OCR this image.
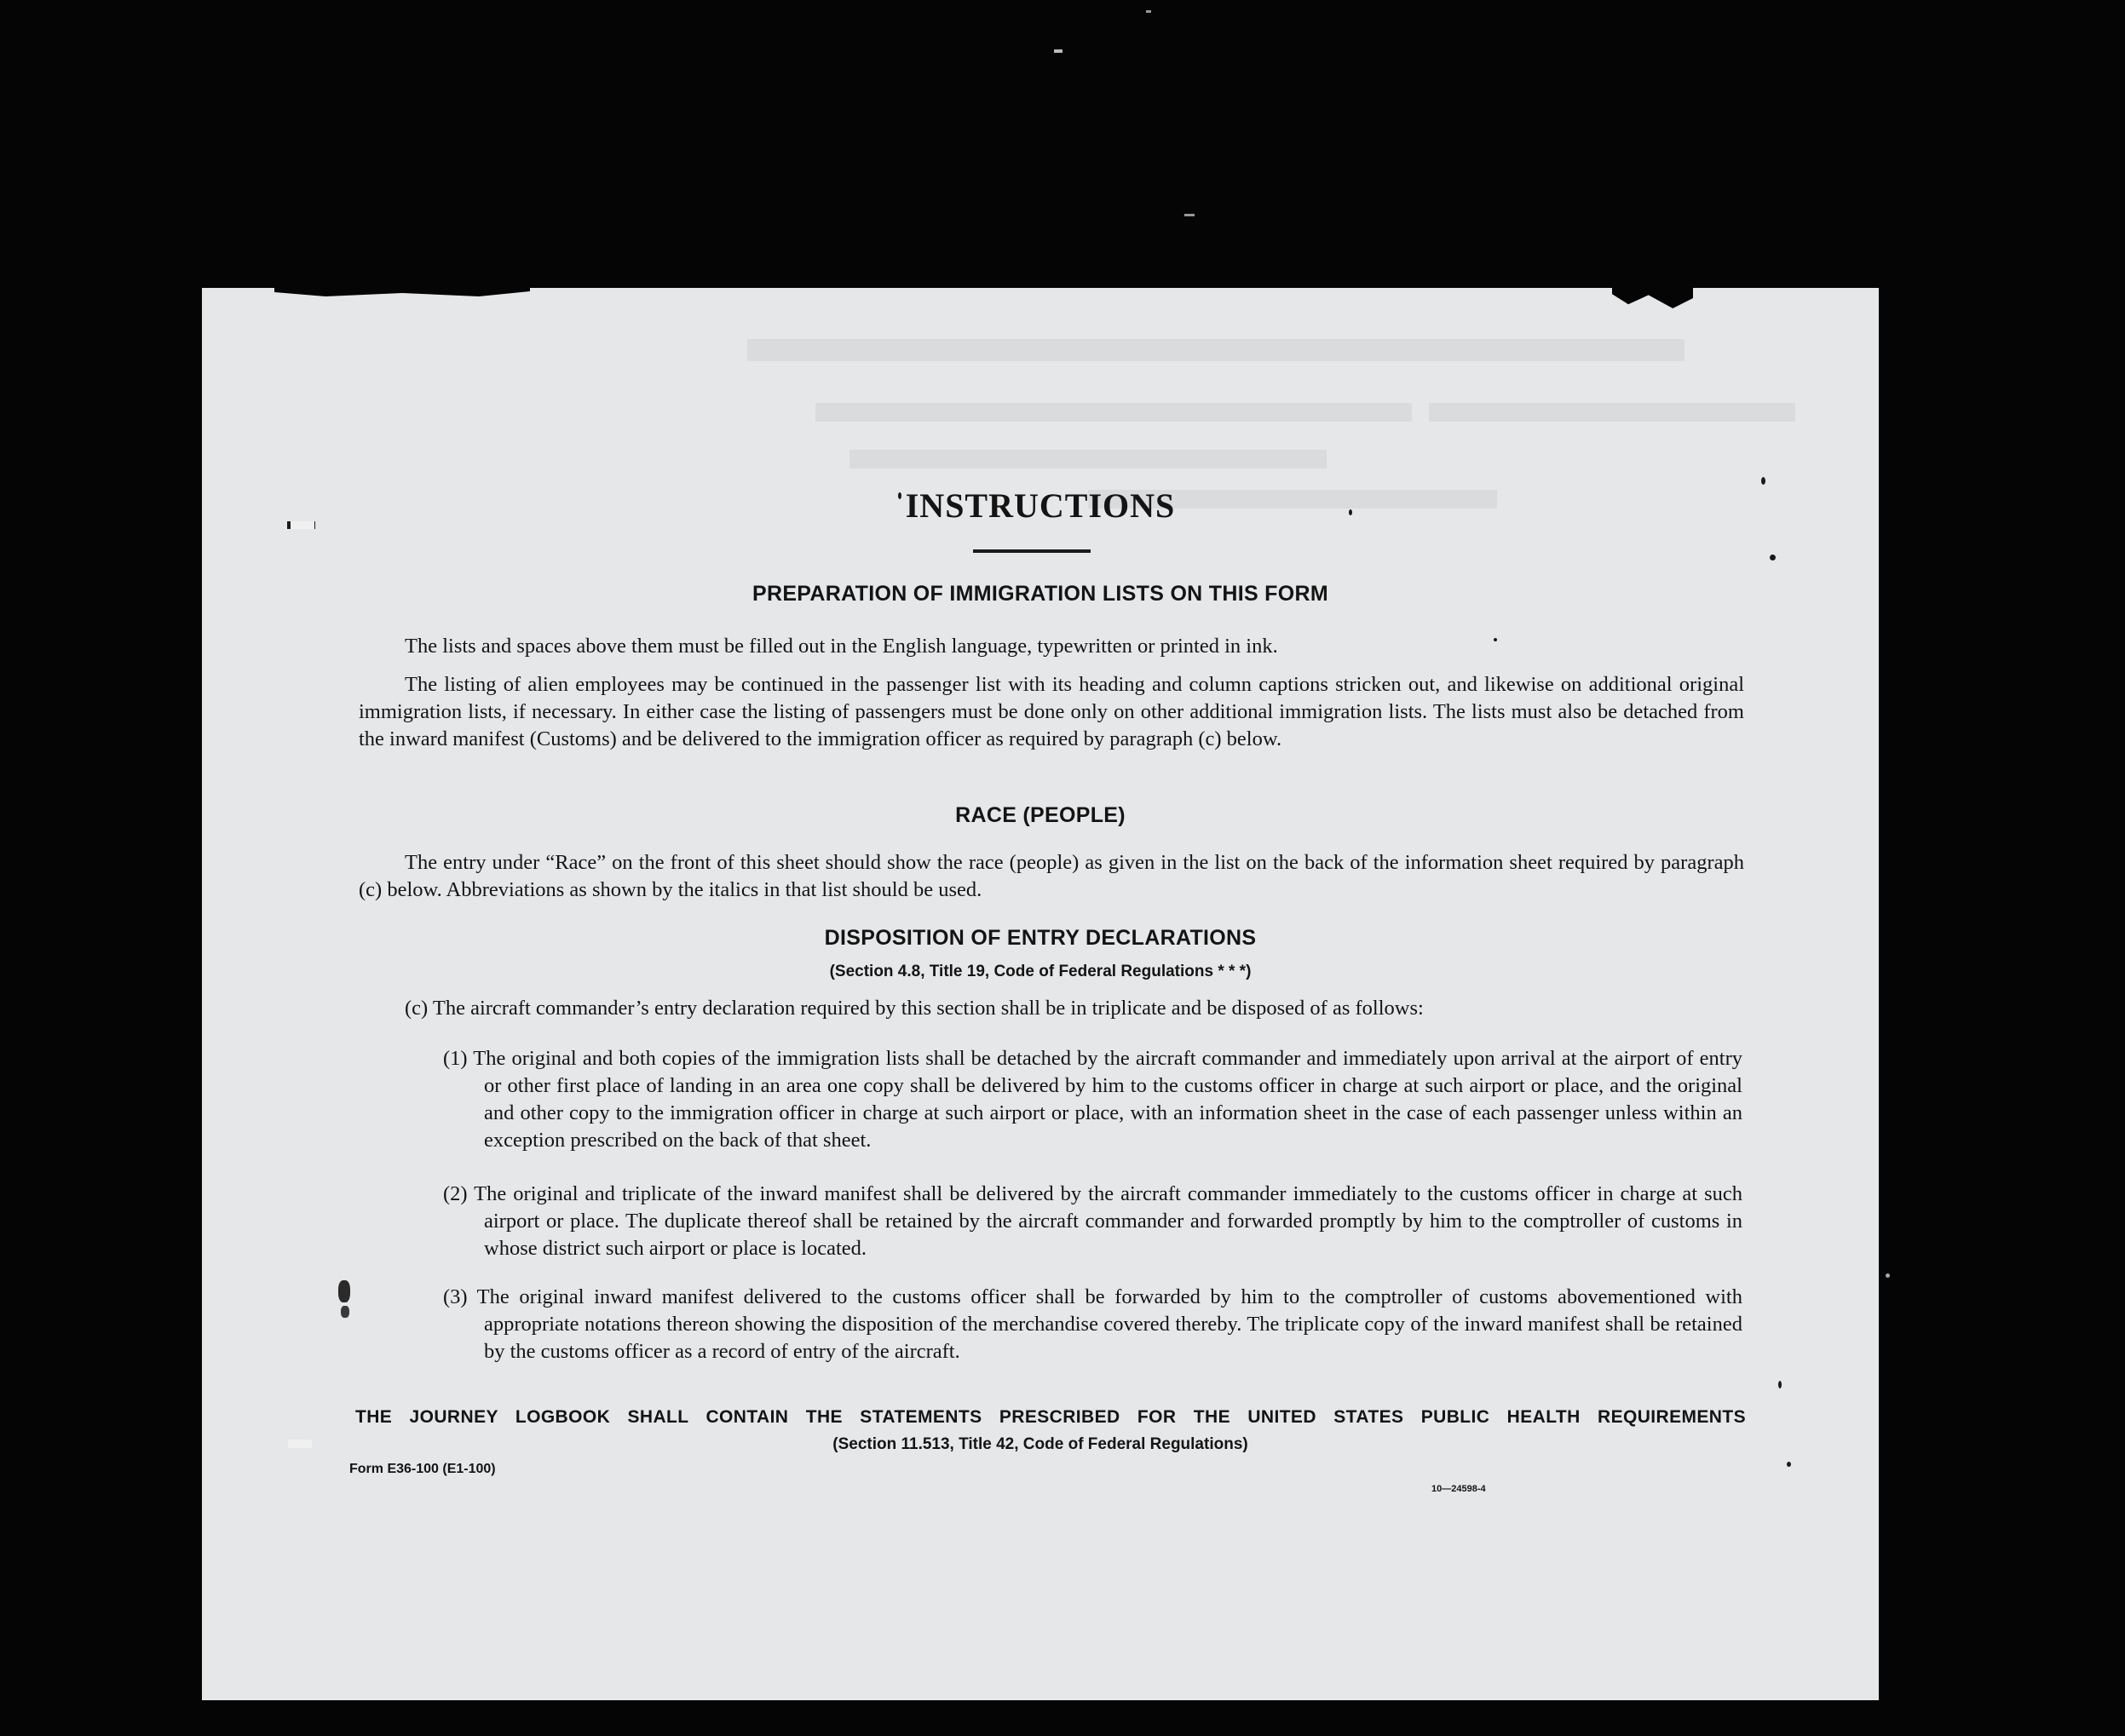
INSTRUCTIONS
PREPARATION OF IMMIGRATION LISTS ON THIS FORM
The lists and spaces above them must be filled out in the English language, typewritten or printed in ink.
The listing of alien employees may be continued in the passenger list with its heading and column captions stricken out, and likewise on additional original immigration lists, if necessary. In either case the listing of passengers must be done only on other additional immigration lists. The lists must also be detached from the inward manifest (Customs) and be delivered to the immigration officer as required by paragraph (c) below.
RACE (PEOPLE)
The entry under “Race” on the front of this sheet should show the race (people) as given in the list on the back of the information sheet required by paragraph (c) below. Abbreviations as shown by the italics in that list should be used.
DISPOSITION OF ENTRY DECLARATIONS
(Section 4.8, Title 19, Code of Federal Regulations * * *)
(c) The aircraft commander’s entry declaration required by this section shall be in triplicate and be disposed of as follows:
(1) The original and both copies of the immigration lists shall be detached by the aircraft commander and immediately upon arrival at the airport of entry or other first place of landing in an area one copy shall be delivered by him to the customs officer in charge at such airport or place, and the original and other copy to the immigration officer in charge at such airport or place, with an information sheet in the case of each passenger unless within an exception prescribed on the back of that sheet.
(2) The original and triplicate of the inward manifest shall be delivered by the aircraft commander immediately to the customs officer in charge at such airport or place. The duplicate thereof shall be retained by the aircraft commander and forwarded promptly by him to the comptroller of customs in whose district such airport or place is located.
(3) The original inward manifest delivered to the customs officer shall be forwarded by him to the comptroller of customs abovementioned with appropriate notations thereon showing the disposition of the merchandise covered thereby. The triplicate copy of the inward manifest shall be retained by the customs officer as a record of entry of the aircraft.
THE JOURNEY LOGBOOK SHALL CONTAIN THE STATEMENTS PRESCRIBED FOR THE UNITED STATES PUBLIC HEALTH REQUIREMENTS
(Section 11.513, Title 42, Code of Federal Regulations)
Form E36-100 (E1-100)
10—24598-4
